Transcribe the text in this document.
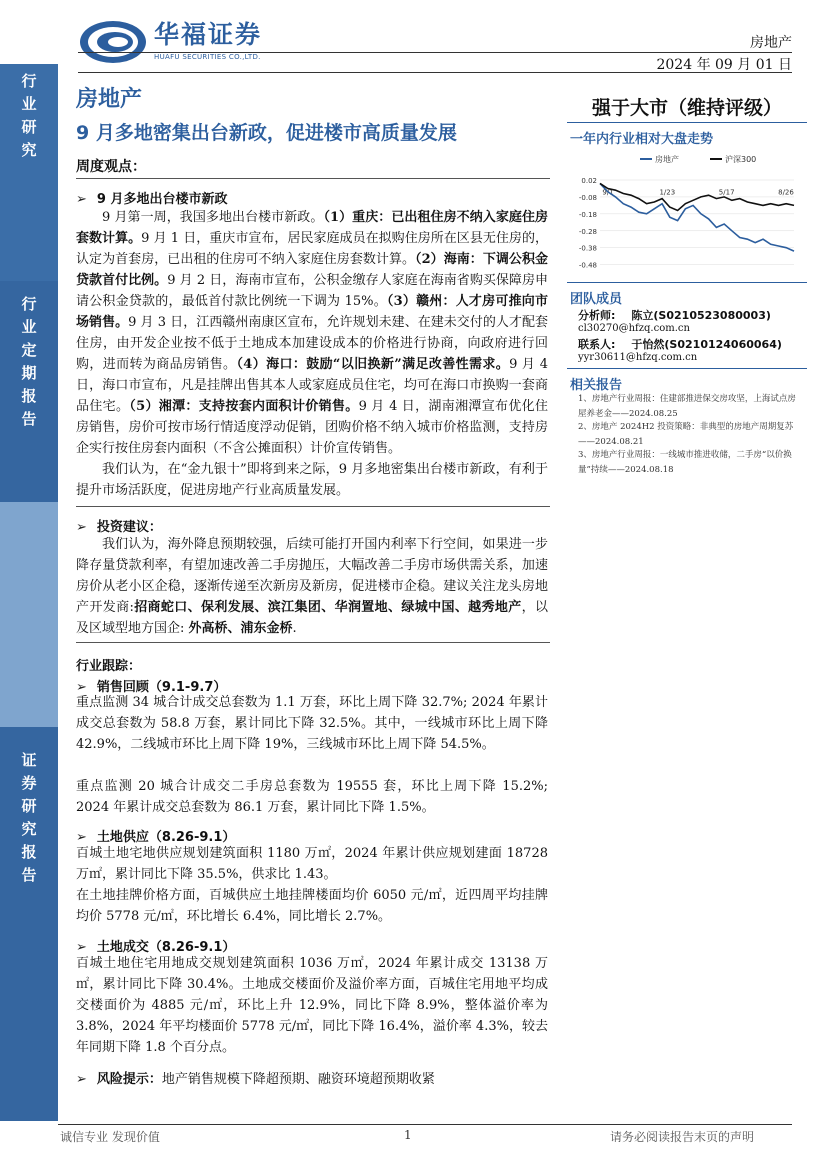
行
业
研
究
行
业
定
期
报
告
证
券
研
究
报
告
华福证券
HUAFU SECURITIES CO.,LTD.
房地产
2024 年 09 月 01 日
房地产
9 月多地密集出台新政，促进楼市高质量发展
周度观点：
➢ 9 月多地出台楼市新政
9 月第一周，我国多地出台楼市新政。（1）重庆：已出租住房不纳入家庭住房套数计算。9 月 1 日，重庆市宣布，居民家庭成员在拟购住房所在区县无住房的，认定为首套房，已出租的住房可不纳入家庭住房套数计算。（2）海南：下调公积金贷款首付比例。9 月 2 日，海南市宣布，公积金缴存人家庭在海南省购买保障房申请公积金贷款的，最低首付款比例统一下调为 15%。（3）赣州：人才房可推向市场销售。9 月 3 日，江西赣州南康区宣布，允许规划未建、在建未交付的人才配套住房，由开发企业按不低于土地成本加建设成本的价格进行协商，向政府进行回购，进而转为商品房销售。（4）海口：鼓励“以旧换新”满足改善性需求。9 月 4 日，海口市宣布，凡是挂牌出售其本人或家庭成员住宅，均可在海口市换购一套商品住宅。（5）湘潭：支持按套内面积计价销售。9 月 4 日，湖南湘潭宣布优化住房销售，房价可按市场行情适度浮动促销，团购价格不纳入城市价格监测，支持房企实行按住房套内面积（不含公摊面积）计价宣传销售。
我们认为，在“金九银十”即将到来之际，9 月多地密集出台楼市新政，有利于提升市场活跃度，促进房地产行业高质量发展。
➢ 投资建议：
我们认为，海外降息预期较强，后续可能打开国内利率下行空间，如果进一步降存量贷款利率，有望加速改善二手房抛压，大幅改善二手房市场供需关系，加速房价从老小区企稳，逐渐传递至次新房及新房，促进楼市企稳。建议关注龙头房地产开发商:招商蛇口、保利发展、滨江集团、华润置地、绿城中国、越秀地产，以及区域型地方国企: 外高桥、浦东金桥.
行业跟踪：
➢ 销售回顾（9.1-9.7）
重点监测 34 城合计成交总套数为 1.1 万套，环比上周下降 32.7%; 2024 年累计成交总套数为 58.8 万套，累计同比下降 32.5%。其中，一线城市环比上周下降 42.9%，二线城市环比上周下降 19%，三线城市环比上周下降 54.5%。
重点监测 20 城合计成交二手房总套数为 19555 套，环比上周下降 15.2%; 2024 年累计成交总套数为 86.1 万套，累计同比下降 1.5%。
➢ 土地供应（8.26-9.1）
百城土地宅地供应规划建筑面积 1180 万㎡，2024 年累计供应规划建面 18728 万㎡，累计同比下降 35.5%，供求比 1.43。
在土地挂牌价格方面，百城供应土地挂牌楼面均价 6050 元/㎡，近四周平均挂牌均价 5778 元/㎡，环比增长 6.4%，同比增长 2.7%。
➢ 土地成交（8.26-9.1）
百城土地住宅用地成交规划建筑面积 1036 万㎡，2024 年累计成交 13138 万㎡，累计同比下降 30.4%。土地成交楼面价及溢价率方面，百城住宅用地平均成交楼面价为 4885 元/㎡，环比上升 12.9%，同比下降 8.9%，整体溢价率为 3.8%，2024 年平均楼面价 5778 元/㎡，同比下降 16.4%，溢价率 4.3%，较去年同期下降 1.8 个百分点。
➢ 风险提示：地产销售规模下降超预期、融资环境超预期收紧
强于大市（维持评级）
一年内行业相对大盘走势
房地产	沪深300
0.02
-0.08
-0.18
-0.28
-0.38
-0.48
9/1	1/23	5/17	8/26
团队成员
分析师: 陈立(S0210523080003)
cl30270@hfzq.com.cn
联系人: 于怡然(S0210124060064)
yyr30611@hfzq.com.cn
相关报告
1、房地产行业周报：住建部推进保交房攻坚，上海试点房屋养老金——2024.08.25
2、房地产 2024H2 投资策略：非典型的房地产周期复苏 ——2024.08.21
3、房地产行业周报：一线城市推进收储，二手房“以价换量”持续——2024.08.18
诚信专业 发现价值	1	请务必阅读报告末页的声明
